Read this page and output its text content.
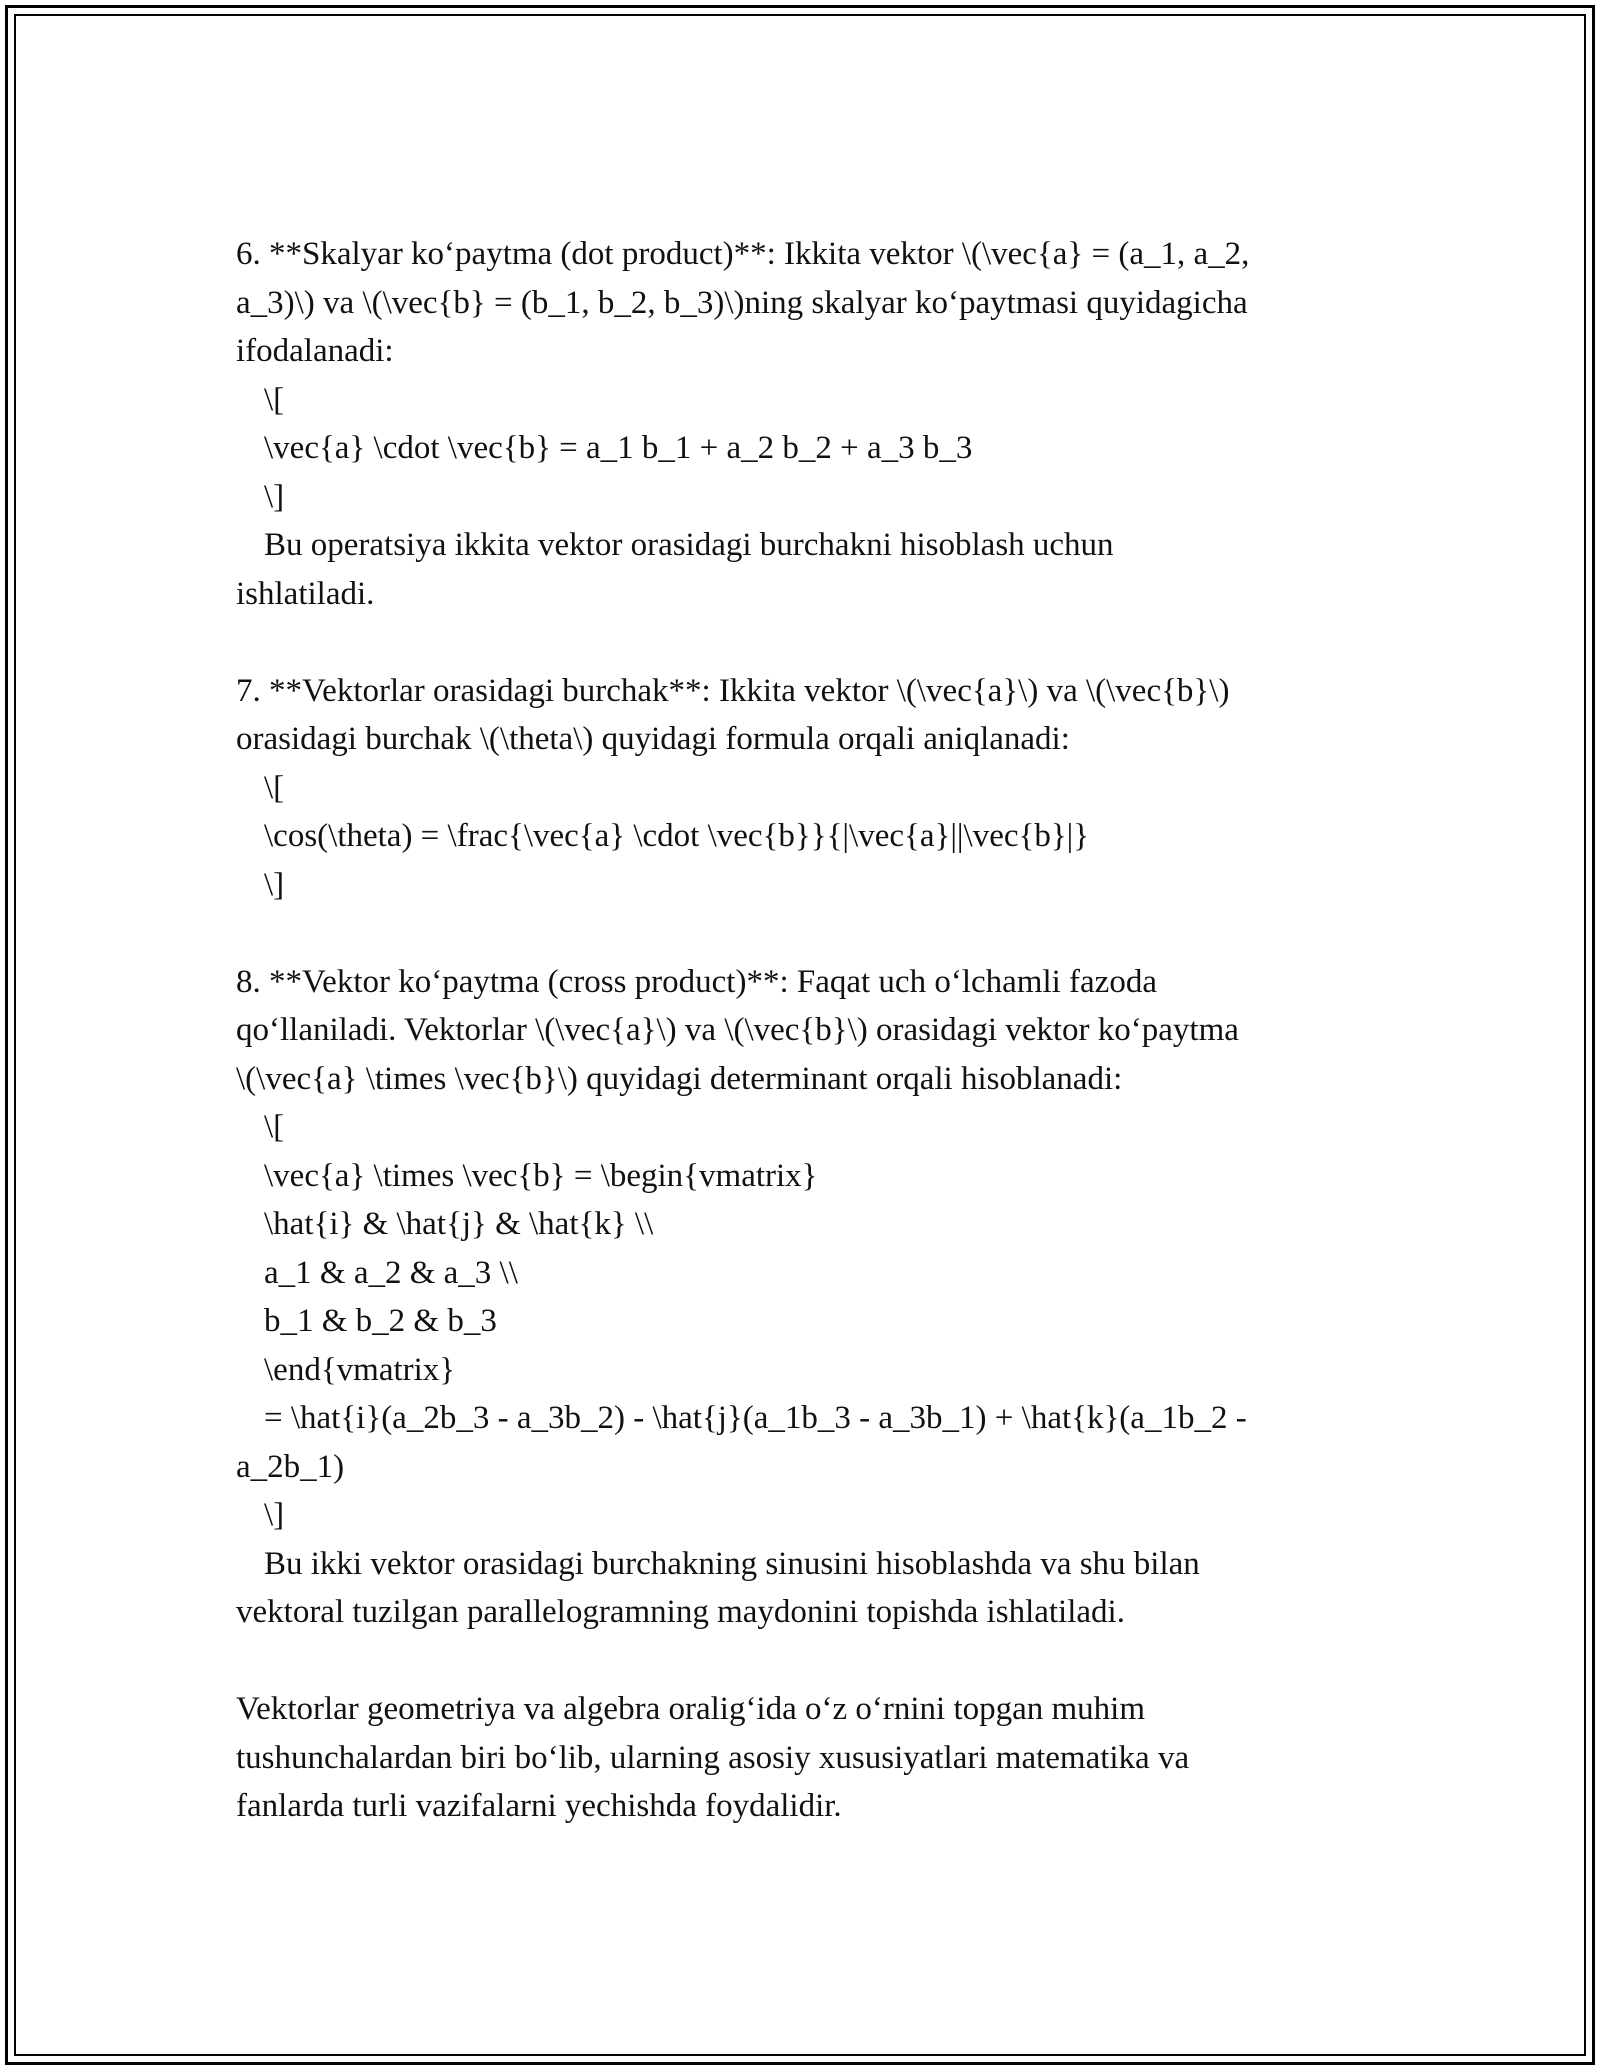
6. **Skalyar ko‘paytma (dot product)**: Ikkita vektor \(\vec{a} = (a_1, a_2,
a_3)\) va \(\vec{b} = (b_1, b_2, b_3)\)ning skalyar ko‘paytmasi quyidagicha
ifodalanadi:
\[
\vec{a} \cdot \vec{b} = a_1 b_1 + a_2 b_2 + a_3 b_3
\]
Bu operatsiya ikkita vektor orasidagi burchakni hisoblash uchun
ishlatiladi.
7. **Vektorlar orasidagi burchak**: Ikkita vektor \(\vec{a}\) va \(\vec{b}\)
orasidagi burchak \(\theta\) quyidagi formula orqali aniqlanadi:
\[
\cos(\theta) = \frac{\vec{a} \cdot \vec{b}}{|\vec{a}||\vec{b}|}
\]
8. **Vektor ko‘paytma (cross product)**: Faqat uch o‘lchamli fazoda
qo‘llaniladi. Vektorlar \(\vec{a}\) va \(\vec{b}\) orasidagi vektor ko‘paytma
\(\vec{a} \times \vec{b}\) quyidagi determinant orqali hisoblanadi:
\[
\vec{a} \times \vec{b} = \begin{vmatrix}
\hat{i} & \hat{j} & \hat{k} \\
a_1 & a_2 & a_3 \\
b_1 & b_2 & b_3
\end{vmatrix}
= \hat{i}(a_2b_3 - a_3b_2) - \hat{j}(a_1b_3 - a_3b_1) + \hat{k}(a_1b_2 -
a_2b_1)
\]
Bu ikki vektor orasidagi burchakning sinusini hisoblashda va shu bilan
vektoral tuzilgan parallelogramning maydonini topishda ishlatiladi.
Vektorlar geometriya va algebra oralig‘ida o‘z o‘rnini topgan muhim
tushunchalardan biri bo‘lib, ularning asosiy xususiyatlari matematika va
fanlarda turli vazifalarni yechishda foydalidir.
